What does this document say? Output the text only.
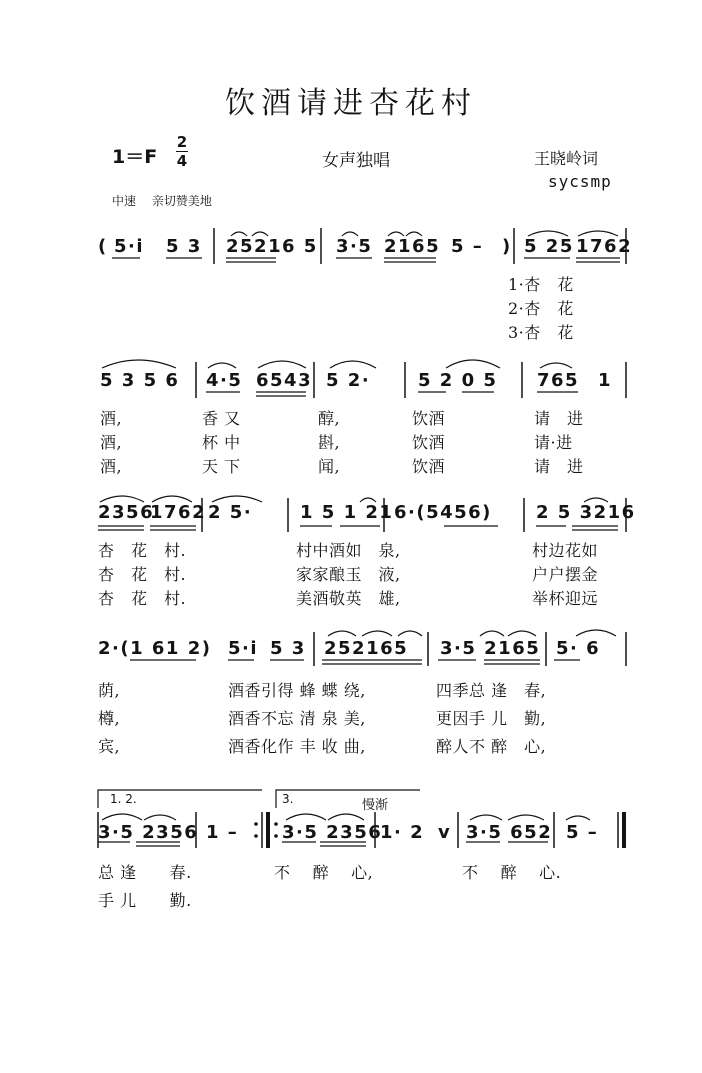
饮酒请进杏花村
1＝F
2
4	女声独唱	王晓岭词
sycsmp
中速　 亲切赞美地
( 5·i 5 3 2521 6 5 3·5 2165 5 – ) 5 25 1762
1·杏　花
2·杏　花
3·杏　花
5 3 5 6 4·5 6543 5 2·	5 2 0 5 765 1
酒,	香 又	醇,	饮酒	请　进
酒,	杯 中	斟,	饮酒	请·进
酒,	天 下	闻,	饮酒	请　进
2356
1762 2 5·	1 5 1 21 6·(5456) 2 5 3216
杏　花　村.	村中酒如　泉,	村边花如
杏　花　村.	家家酿玉　液,	户户摆金
杏　花　村.	美酒敬英　雄,	举杯迎远
2·(1 61 2) 5·i 5 3 252165 3·5 2165 5· 6
荫,	酒香引得 蜂 蝶 绕,	四季总 逢　春,
樽,	酒香不忘 清 泉 美,	更因手 儿　勤,
宾,	酒香化作 丰 收 曲,	醉人不 醉　心,
3·5 2356 1 – 3·5 2356
1· 2 v 3·5 652 5 –
总 逢　　春.	不　 醉　 心,	不　 醉　 心.
手 儿　　勤.
1. 2.	3.	慢渐
